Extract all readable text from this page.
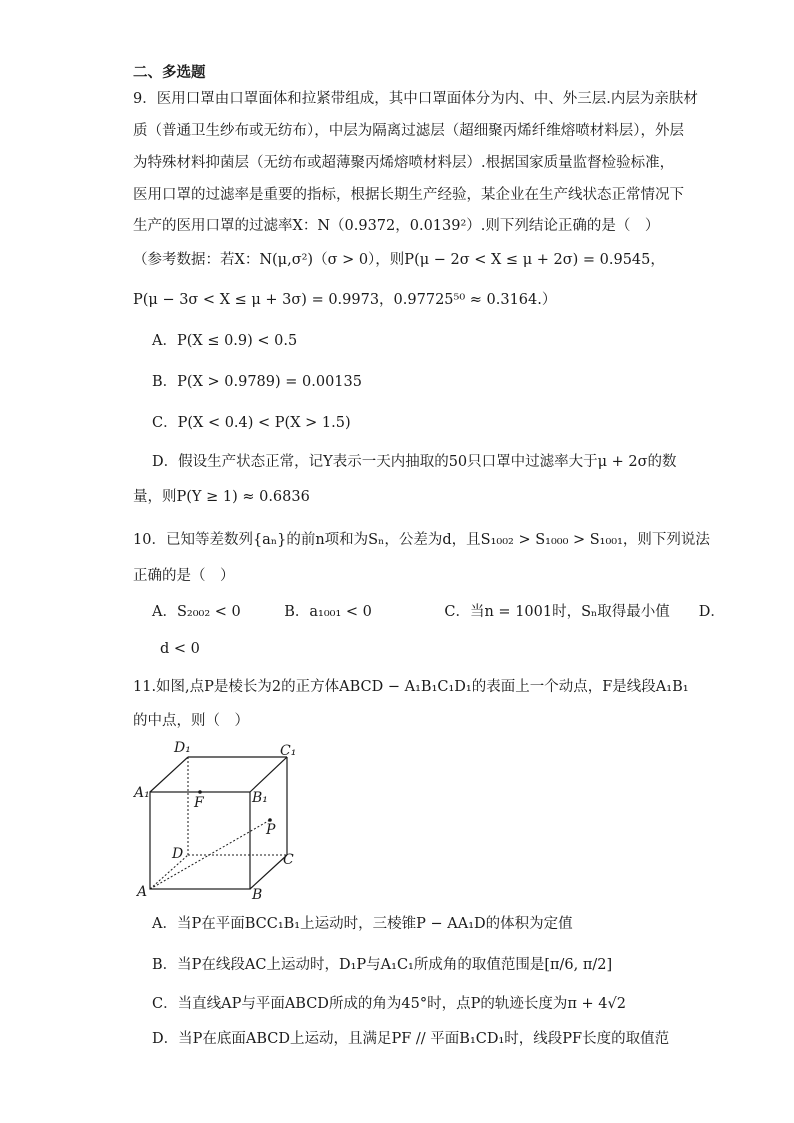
二、多选题
9．医用口罩由口罩面体和拉紧带组成，其中口罩面体分为内、中、外三层.内层为亲肤材
质（普通卫生纱布或无纺布），中层为隔离过滤层（超细聚丙烯纤维熔喷材料层），外层
为特殊材料抑菌层（无纺布或超薄聚丙烯熔喷材料层）.根据国家质量监督检验标准，
医用口罩的过滤率是重要的指标，根据长期生产经验，某企业在生产线状态正常情况下
生产的医用口罩的过滤率X：N（0.9372，0.0139²）.则下列结论正确的是（　）
（参考数据：若X：N(μ,σ²)（σ > 0），则P(μ − 2σ < X ≤ μ + 2σ) = 0.9545，
P(μ − 3σ < X ≤ μ + 3σ) = 0.9973，0.97725⁵⁰ ≈ 0.3164.）
A．P(X ≤ 0.9) < 0.5
B．P(X > 0.9789) = 0.00135
C．P(X < 0.4) < P(X > 1.5)
D．假设生产状态正常，记Y表示一天内抽取的50只口罩中过滤率大于μ + 2σ的数
量，则P(Y ≥ 1) ≈ 0.6836
10．已知等差数列{aₙ}的前n项和为Sₙ，公差为d，且S₁₀₀₂ > S₁₀₀₀ > S₁₀₀₁，则下列说法
正确的是（　）
A．S₂₀₀₂ < 0　　　B．a₁₀₀₁ < 0　　　　　C．当n = 1001时，Sₙ取得最小值　　D．
d < 0
11.如图,点P是棱长为2的正方体ABCD − A₁B₁C₁D₁的表面上一个动点，F是线段A₁B₁
的中点，则（　）
D₁	C₁
A₁	B₁
F
P
D	C
A	B
A．当P在平面BCC₁B₁上运动时，三棱锥P − AA₁D的体积为定值
B．当P在线段AC上运动时，D₁P与A₁C₁所成角的取值范围是[π/6, π/2]
C．当直线AP与平面ABCD所成的角为45°时，点P的轨迹长度为π + 4√2
D．当P在底面ABCD上运动，且满足PF // 平面B₁CD₁时，线段PF长度的取值范
